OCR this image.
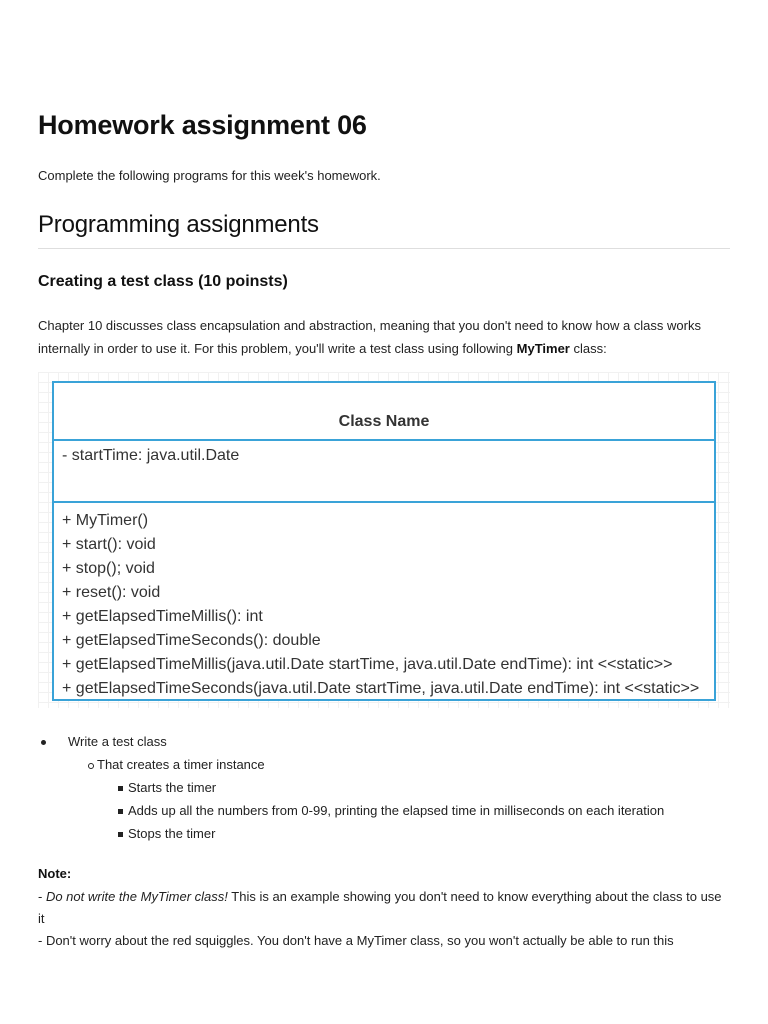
Homework assignment 06

Complete the following programs for this week's homework.

Programming assignments
Creating a test class (10 poinsts)

Chapter 10 discusses class encapsulation and abstraction, meaning that you don't need to know how a class works internally in order to use it. For this problem, you'll write a test class using following MyTimer class:

Class Name
- startTime: java.util.Date
+ MyTimer()
+ start(): void
+ stop(); void
+ reset(): void
+ getElapsedTimeMillis(): int
+ getElapsedTimeSeconds(): double
+ getElapsedTimeMillis(java.util.Date startTime, java.util.Date endTime): int <<static>>
+ getElapsedTimeSeconds(java.util.Date startTime, java.util.Date endTime): int <<static>>
Write a test class
That creates a timer instance
Starts the timer
Adds up all the numbers from 0-99, printing the elapsed time in milliseconds on each iteration
Stops the timer

Note:

- Do not write the MyTimer class! This is an example showing you don't need to know everything about the class to use it
- Don't worry about the red squiggles. You don't have a MyTimer class, so you won't actually be able to run this
